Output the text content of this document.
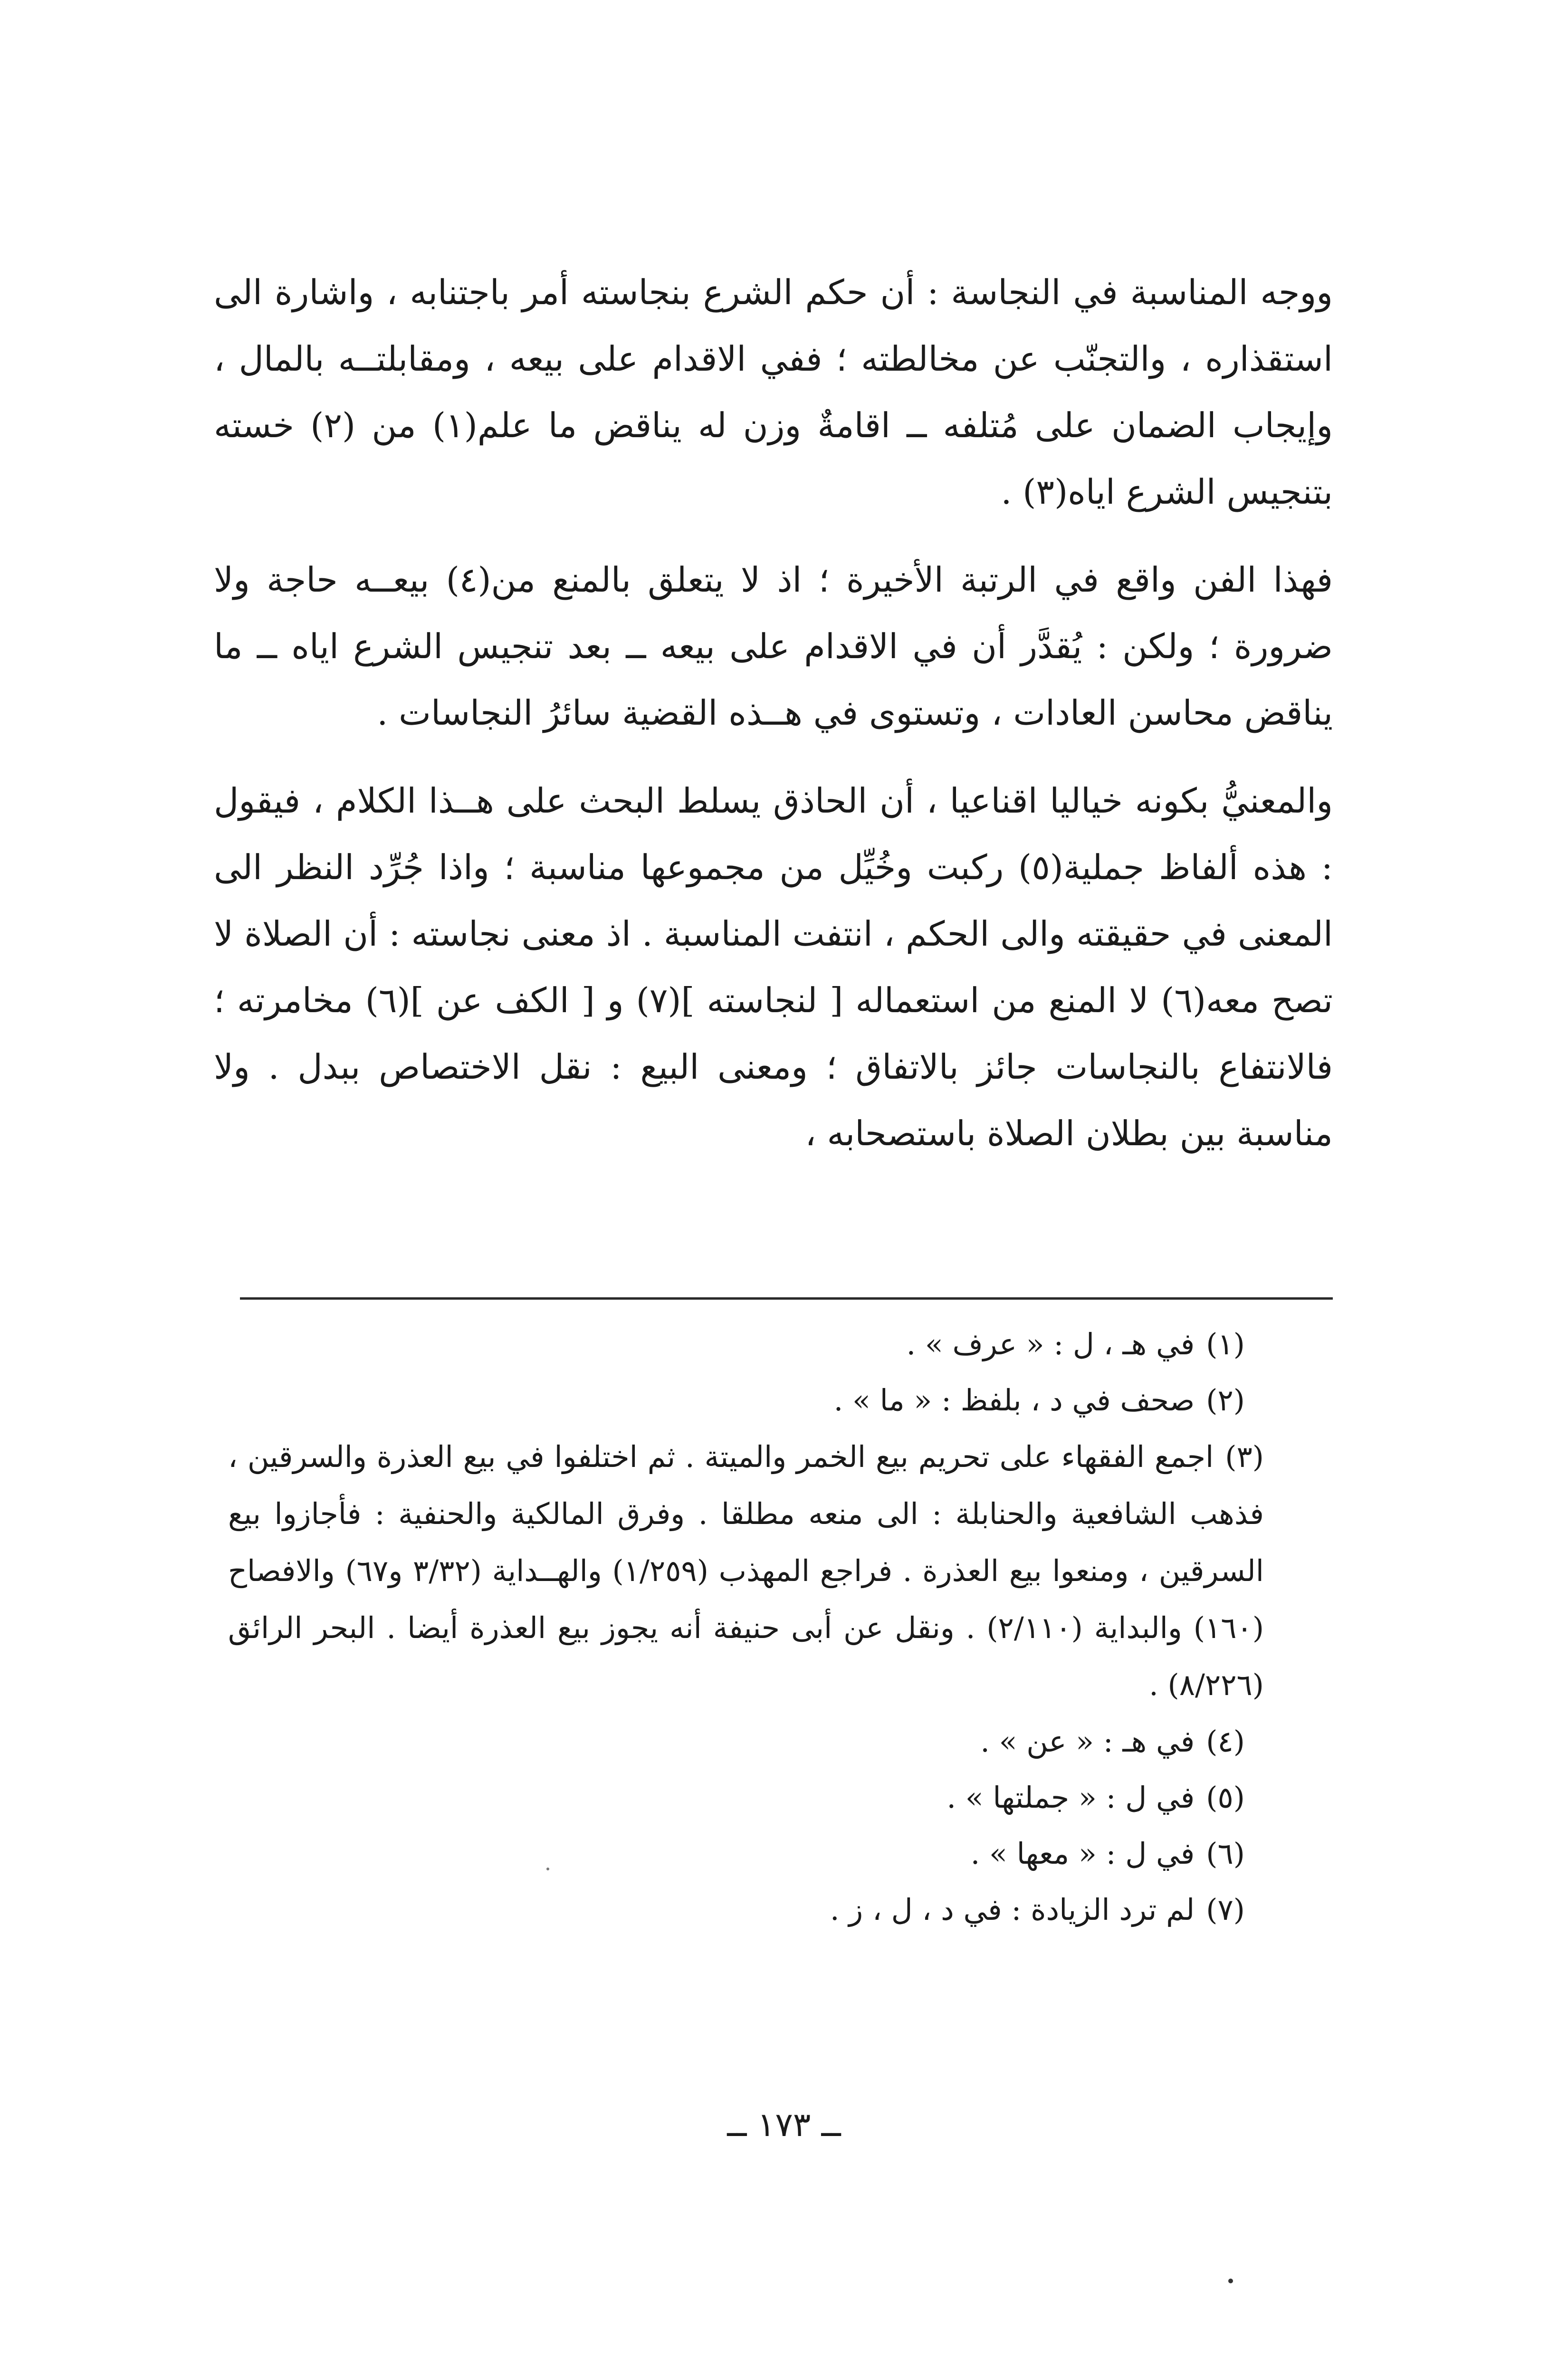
ووجه المناسبة في النجاسة : أن حكم الشرع بنجاسته أمر باجتنابه ، واشارة الى استقذاره ، والتجنّب عن مخالطته ؛ ففي الاقدام على بيعه ، ومقابلتــه بالمال ، وإيجاب الضمان على مُتلفه ــ اقامةٌ وزن له يناقض ما علم(١) من (٢) خسته بتنجيس الشرع اياه(٣) .

فهذا الفن واقع في الرتبة الأخيرة ؛ اذ لا يتعلق بالمنع من(٤) بيعــه حاجة ولا ضرورة ؛ ولكن : يُقدَّر أن في الاقدام على بيعه ــ بعد تنجيس الشرع اياه ــ ما يناقض محاسن العادات ، وتستوى في هــذه القضية سائرُ النجاسات .

والمعنيُّ بكونه خياليا اقناعيا ، أن الحاذق يسلط البحث على هــذا الكلام ، فيقول : هذه ألفاظ جملية(٥) ركبت وخُيِّل من مجموعها مناسبة ؛ واذا جُرِّد النظر الى المعنى في حقيقته والى الحكم ، انتفت المناسبة . اذ معنى نجاسته : أن الصلاة لا تصح معه(٦) لا المنع من استعماله [ لنجاسته ](٧) و [ الكف عن ](٦) مخامرته ؛ فالانتفاع بالنجاسات جائز بالاتفاق ؛ ومعنى البيع : نقل الاختصاص ببدل . ولا مناسبة بين بطلان الصلاة باستصحابه ،

(١)في هـ ، ل : « عرف » .

(٢)صحف في د ، بلفظ : « ما » .

(٣)اجمع الفقهاء على تحريم بيع الخمر والميتة . ثم اختلفوا في بيع العذرة والسرقين ، فذهب الشافعية والحنابلة : الى منعه مطلقا . وفرق المالكية والحنفية : فأجازوا بيع السرقين ، ومنعوا بيع العذرة . فراجع المهذب (١/٢٥٩) والهــداية (٣/٣٢ و٦٧) والافصاح (١٦٠) والبداية (٢/١١٠) . ونقل عن أبى حنيفة أنه يجوز بيع العذرة أيضا . البحر الرائق (٨/٢٢٦) .

(٤)في هـ : « عن » .

(٥)في ل : « جملتها » .

(٦)في ل : « معها » .

(٧)لم ترد الزيادة : في د ، ل ، ز .

ــ ١٧٣ ــ
